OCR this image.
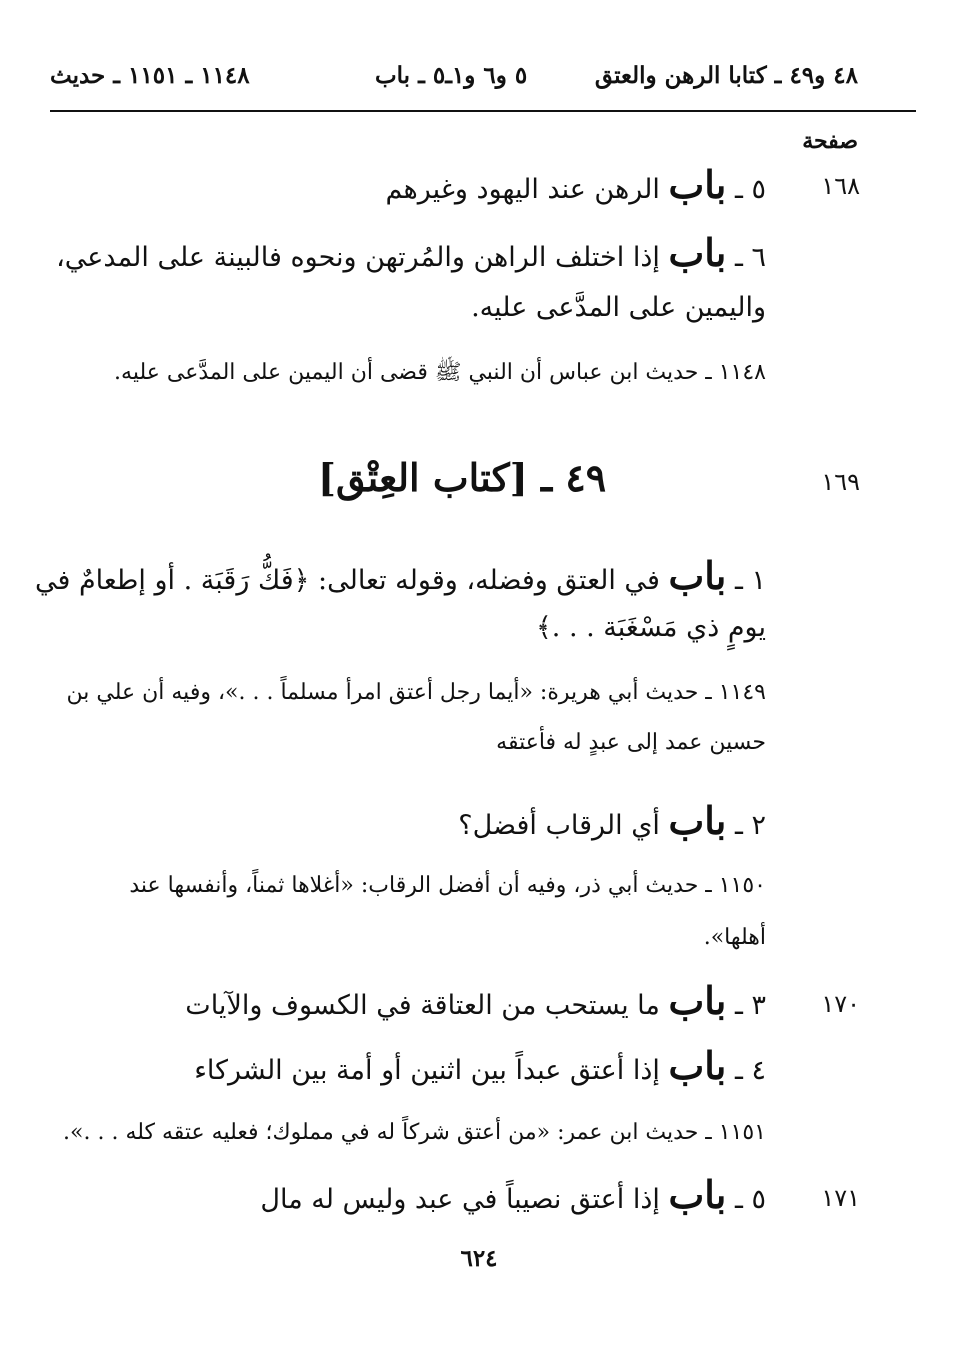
٤٨ و٤٩ ـ كتابا الرهن والعتق
٥ و٦ و١ـ٥ ـ باب
١١٤٨ ـ ١١٥١ ـ حديث
صفحة
١٦٨
٥ ـ باب الرهن عند اليهود وغيرهم
٦ ـ باب إذا اختلف الراهن والمُرتهن ونحوه فالبينة على المدعي،
واليمين على المدَّعى عليه.
١١٤٨ ـ حديث ابن عباس أن النبي ﷺ قضى أن اليمين على المدَّعى عليه.
١٦٩
٤٩ ـ [كتاب العِتْق]
١ ـ باب في العتق وفضله، وقوله تعالى: ﴿فَكُّ رَقَبَة . أو إطعامٌ في
يومٍ ذي مَسْغَبَة . . .﴾
١١٤٩ ـ حديث أبي هريرة: «أيما رجل أعتق امرأ مسلماً . . .»، وفيه أن علي بن
حسين عمد إلى عبدٍ له فأعتقه
٢ ـ باب أي الرقاب أفضل؟
١١٥٠ ـ حديث أبي ذر، وفيه أن أفضل الرقاب: «أغلاها ثمناً، وأنفسها عند
أهلها».
١٧٠
٣ ـ باب ما يستحب من العتاقة في الكسوف والآيات
٤ ـ باب إذا أعتق عبداً بين اثنين أو أمة بين الشركاء
١١٥١ ـ حديث ابن عمر: «من أعتق شركاً له في مملوك؛ فعليه عتقه كله . . .».
١٧١
٥ ـ باب إذا أعتق نصيباً في عبد وليس له مال
٦٢٤
